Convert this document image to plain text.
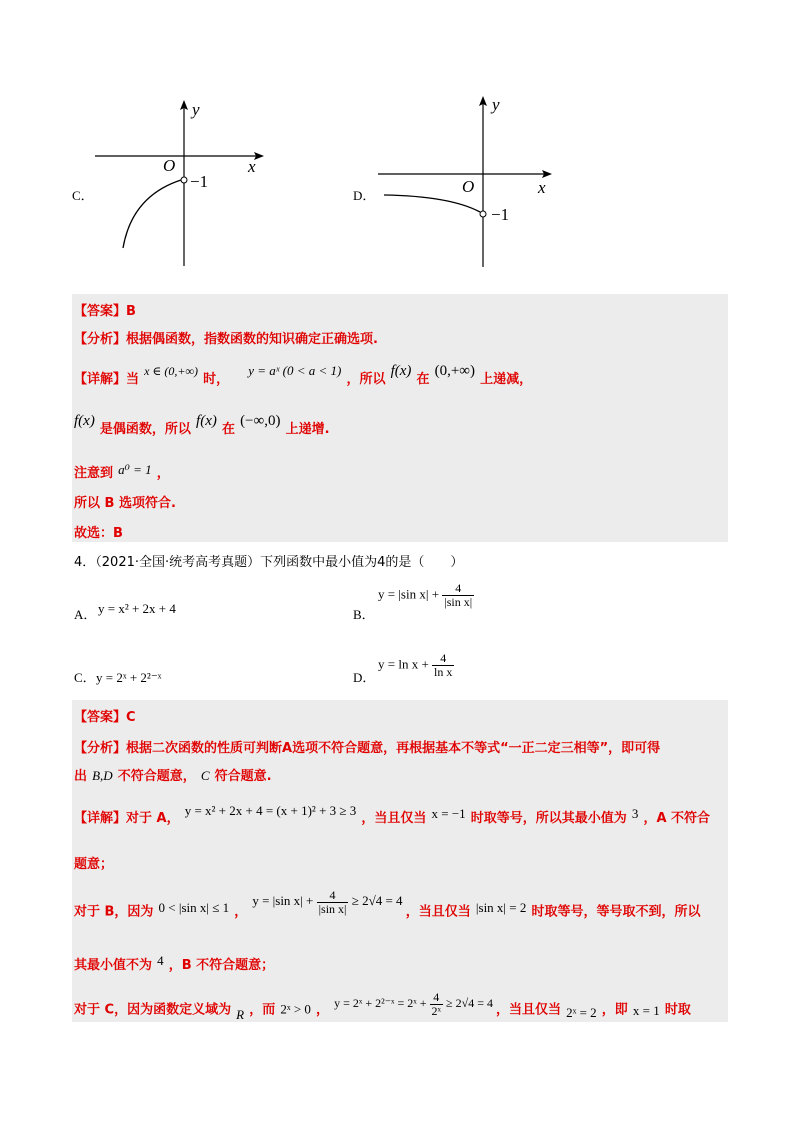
C．
y
x
O
−1
D．
y
x
O
−1
【答案】B
【分析】根据偶函数，指数函数的知识确定正确选项.
【详解】当 $^{x \in (0,+\infty)}$ 时， $^{y = aˣ (0 < a < 1)}$ ，所以 f(x) 在 (0,+∞) 上递减，
f(x) 是偶函数，所以 f(x) 在 (−∞,0) 上递增.
注意到 a⁰ = 1 ，
所以 B 选项符合.
故选：B
4．（2021·全国·统考高考真题）下列函数中最小值为4的是（　　）
A． y = x² + 2x + 4	B．
y = |sin $x| + \frac{4}{\text{|sin x|}}$
C． y = 2ˣ + 2²⁻ˣ	D．
$y = \ln x + \frac{4}{\text{ln x}}$
【答案】C
【分析】根据二次函数的性质可判断A选项不符合题意，再根据基本不等式“一正二定三相等”，即可得
出 B,D 不符合题意， C 符合题意.
【详解】对于 A， $^{y = x^2 + 2x + 4 = (x + 1)^2 + 3 \ge 3}$ ，当且仅当 $^{x = -1}$ 时取等号，所以其最小值为 $^3$ ，A 不符合
题意；
对于 B，因为 0 < |sin x| ≤ 1 ， $^{y = |sin x| + \frac{4}{\text{|sin x|}} \ge 2√4 = 4}$ ，当且仅当 |sin x| = 2 时取等号，等号取不到，所以
其最小值不为 $^4$ ，B 不符合题意；
对于 C，因为函数定义域为 $_R$ ，而 2ˣ > 0 ， $^{y = 2ˣ + 2^{2-}ˣ = 2ˣ + \frac{4}{\text{2ˣ}} \ge 2√4 = 4}$ ，当且仅当 $_{2ˣ = 2}$ ，即 x = 1 时取
